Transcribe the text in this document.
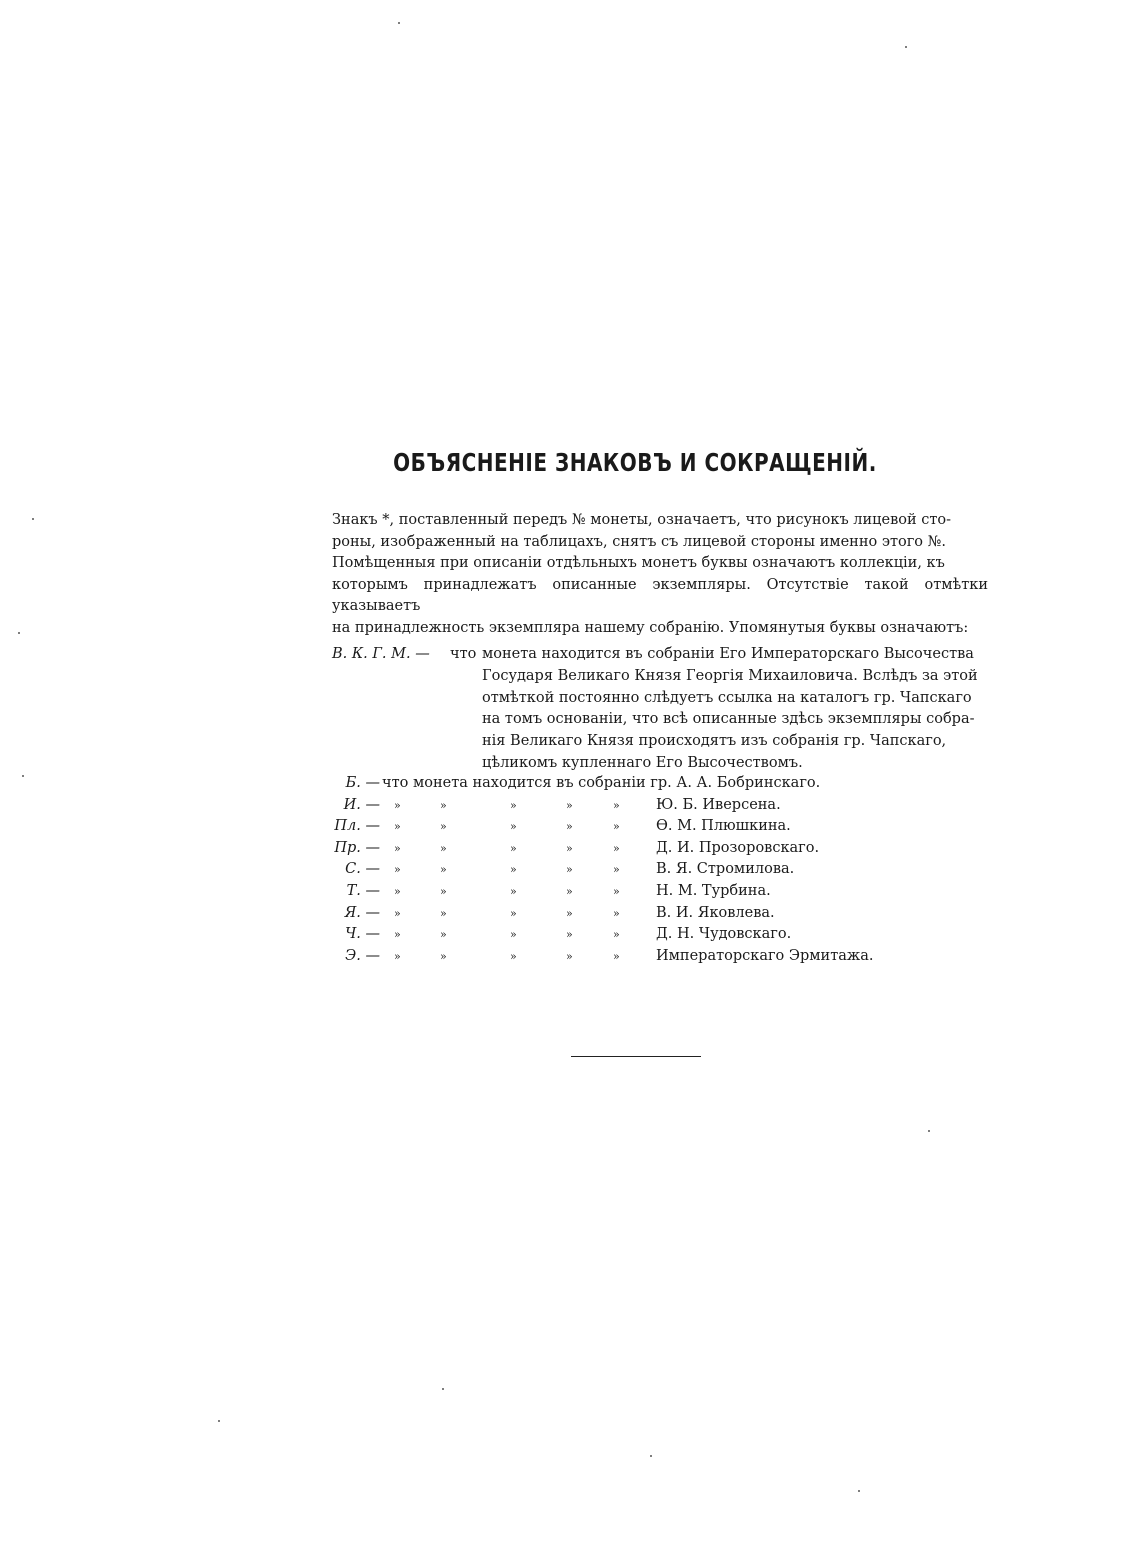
ОБЪЯСНЕНІЕ ЗНАКОВЪ И СОКРАЩЕНІЙ.

Знакъ *, поставленный передъ № монеты, означаетъ, что рисунокъ лицевой сто-

роны, изображенный на таблицахъ, снятъ съ лицевой стороны именно этого №.

Помѣщенныя при описаніи отдѣльныхъ монетъ буквы означаютъ коллекціи, къ

которымъ принадлежатъ описанные экземпляры. Отсутствіе такой отмѣтки указываетъ

на принадлежность экземпляра нашему собранію. Упомянутыя буквы означаютъ:

В. К. Г. М. — что монета находится въ собраніи Его Императорскаго Высочества
Государя Великаго Князя Георгія Михаиловича. Вслѣдъ за этой
отмѣткой постоянно слѣдуетъ ссылка на каталогъ гр. Чапскаго
на томъ основаніи, что всѣ описанные здѣсь экземпляры собра-
нія Великаго Князя происходятъ изъ собранія гр. Чапскаго,
цѣликомъ купленнаго Его Высочествомъ.
Б. — что монета находится въ собраніи гр. А. А. Бобринскаго.
И. — »	»	»	»	»	Ю. Б. Иверсена.
Пл. — »	»	»	»	»	Ѳ. М. Плюшкина.
Пр. — »	»	»	»	»	Д. И. Прозоровскаго.
С. — »	»	»	»	»	В. Я. Стромилова.
Т. — »	»	»	»	»	Н. М. Турбина.
Я. — »	»	»	»	»	В. И. Яковлева.
Ч. — »	»	»	»	»	Д. Н. Чудовскаго.
Э. — »	»	»	»	»	Императорскаго Эрмитажа.
